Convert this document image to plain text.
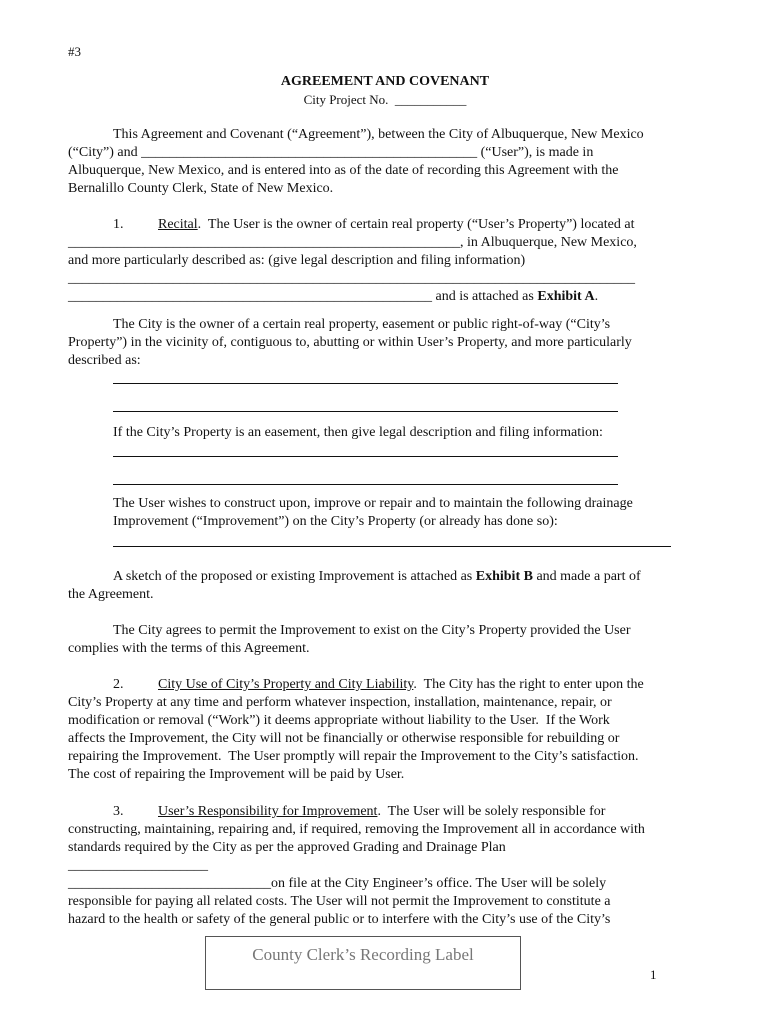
#3
AGREEMENT AND COVENANT
City Project No.  ___________
This Agreement and Covenant (“Agreement”), between the City of Albuquerque, New Mexico
(“City”) and ________________________________________________ (“User”), is made in
Albuquerque, New Mexico, and is entered into as of the date of recording this Agreement with the
Bernalillo County Clerk, State of New Mexico.
1. Recital.  The User is the owner of certain real property (“User’s Property”) located at
________________________________________________________, in Albuquerque, New Mexico,
and more particularly described as: (give legal description and filing information)
_________________________________________________________________________________
____________________________________________________ and is attached as Exhibit A.
The City is the owner of a certain real property, easement or public right-of-way (“City’s
Property”) in the vicinity of, contiguous to, abutting or within User’s Property, and more particularly
described as:
If the City’s Property is an easement, then give legal description and filing information:
The User wishes to construct upon, improve or repair and to maintain the following drainage
Improvement (“Improvement”) on the City’s Property (or already has done so):
A sketch of the proposed or existing Improvement is attached as Exhibit B and made a part of
the Agreement.
The City agrees to permit the Improvement to exist on the City’s Property provided the User
complies with the terms of this Agreement.
2. City Use of City’s Property and City Liability.  The City has the right to enter upon the
City’s Property at any time and perform whatever inspection, installation, maintenance, repair, or
modification or removal (“Work”) it deems appropriate without liability to the User.  If the Work
affects the Improvement, the City will not be financially or otherwise responsible for rebuilding or
repairing the Improvement.  The User promptly will repair the Improvement to the City’s satisfaction.
The cost of repairing the Improvement will be paid by User.
3. User’s Responsibility for Improvement.  The User will be solely responsible for
constructing, maintaining, repairing and, if required, removing the Improvement all in accordance with
standards required by the City as per the approved Grading and Drainage Plan
____________________
_____________________________on file at the City Engineer’s office. The User will be solely
responsible for paying all related costs. The User will not permit the Improvement to constitute a
hazard to the health or safety of the general public or to interfere with the City’s use of the City’s
County Clerk’s Recording Label
1
